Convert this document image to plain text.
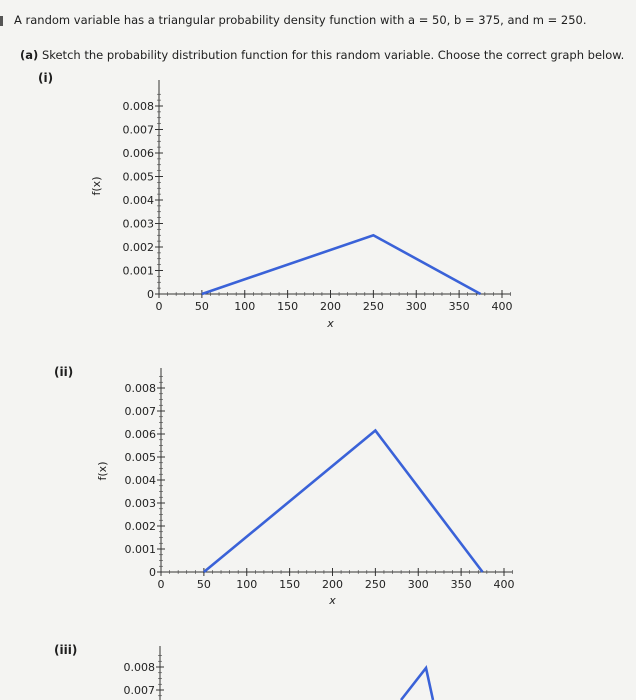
A random variable has a triangular probability density function with a = 50, b = 375, and m = 250.
(a) Sketch the probability distribution function for this random variable. Choose the correct graph below.
(i)
(ii)
(iii)
0
0.001
0.002
0.003
0.004
0.005
0.006
0.007
0.008
0	50 100 150 200 250 300 350 400
x
f(x)
0
0.001
0.002
0.003
0.004
0.005
0.006
0.007
0.008
0	50 100 150 200 250 300 350 400
x
f(x)
0.008
0.007
